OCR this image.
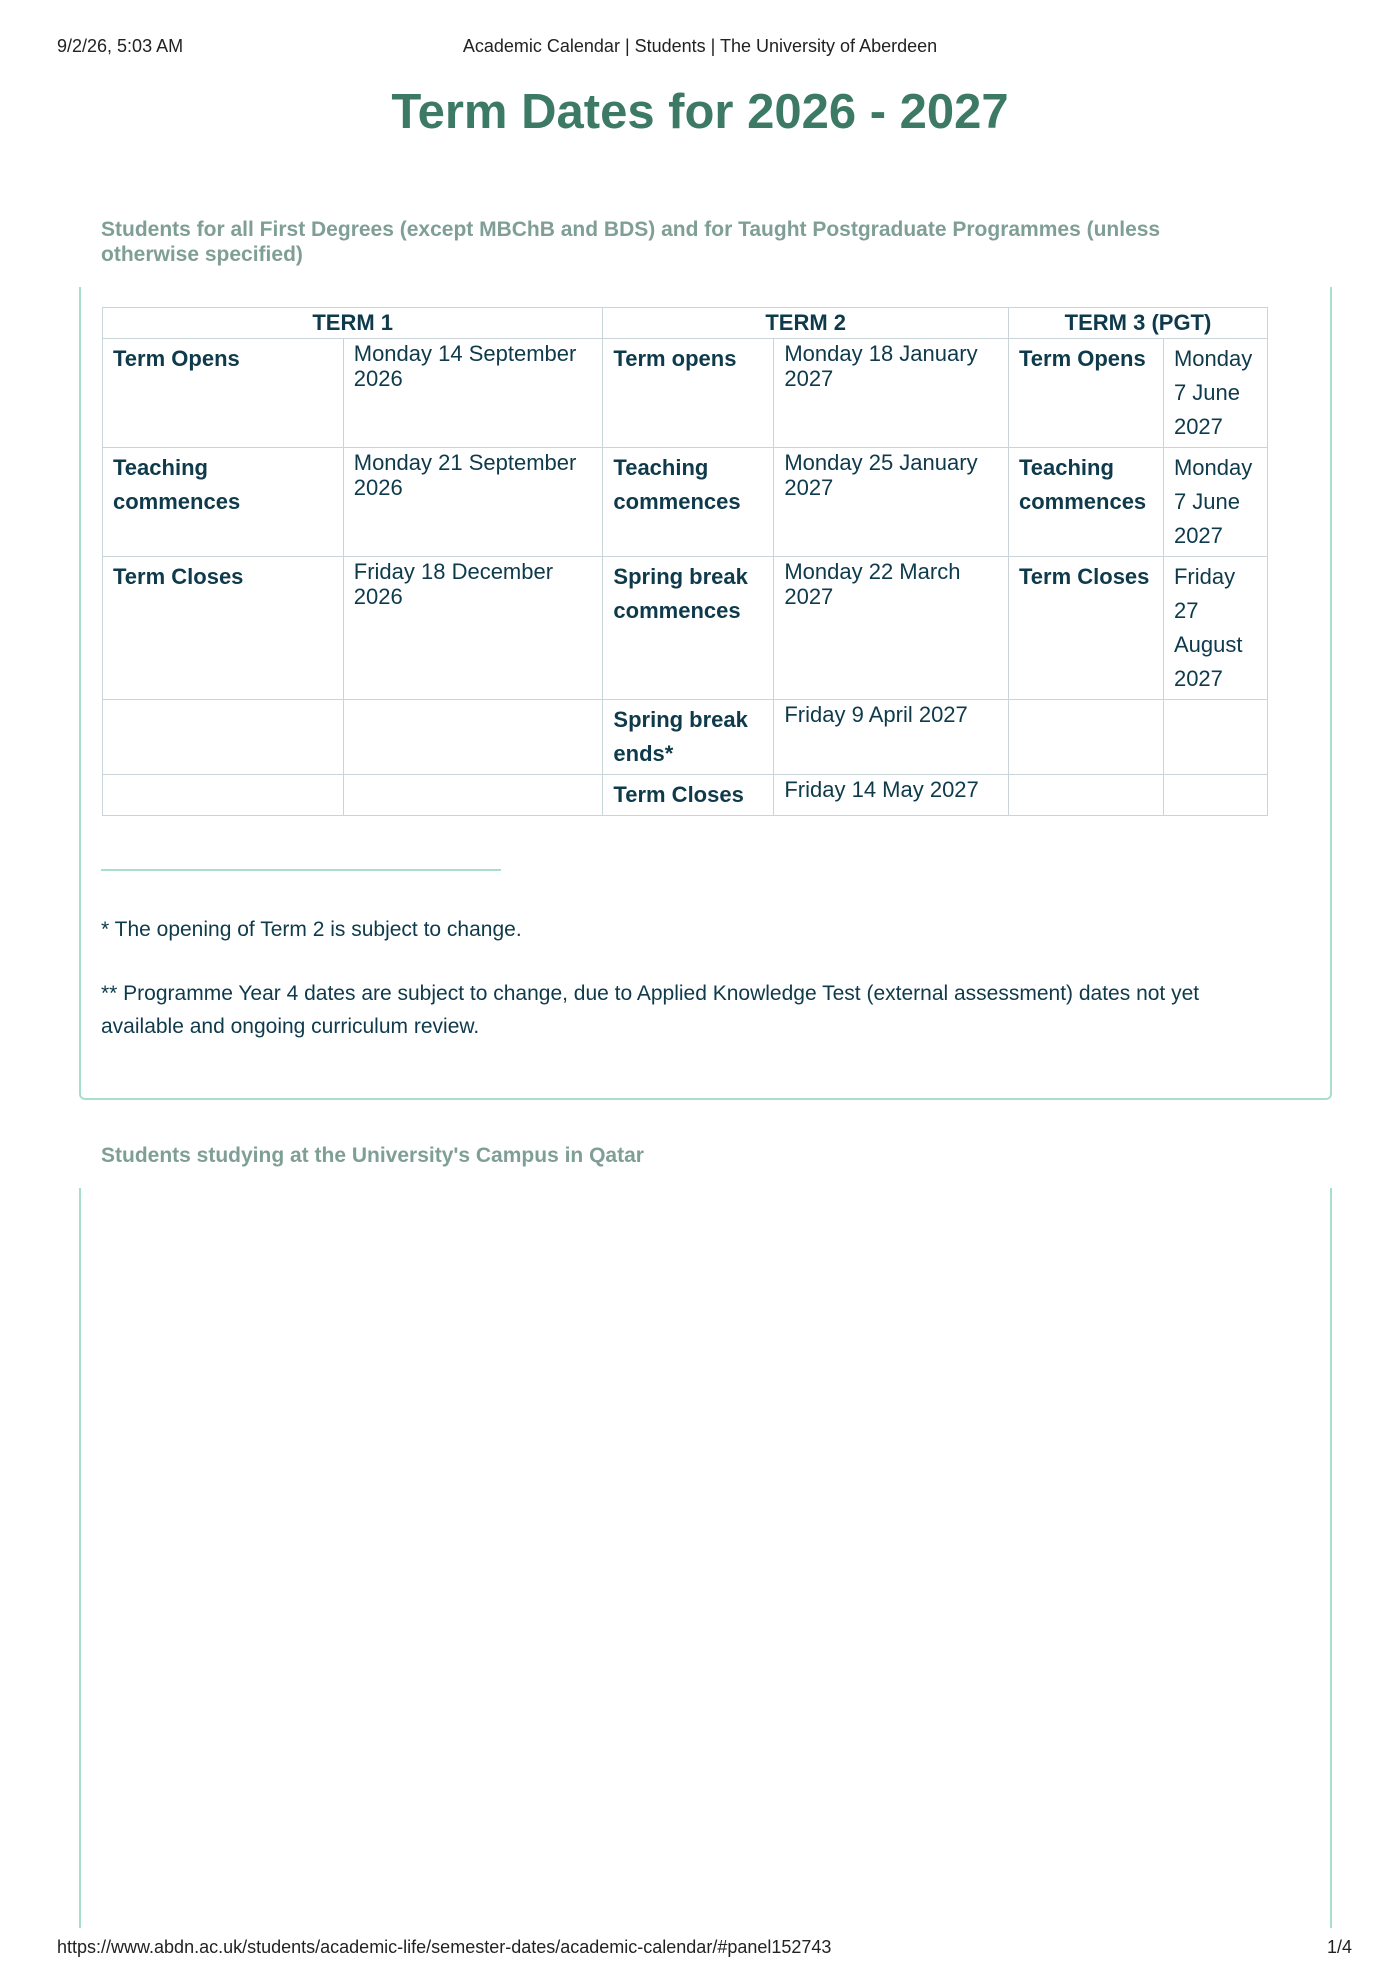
9/2/26, 5:03 AM	Academic Calendar | Students | The University of Aberdeen
Term Dates for 2026 - 2027
Students for all First Degrees (except MBChB and BDS) and for Taught Postgraduate Programmes (unless otherwise specified)
TERM 1		TERM 2		TERM 3 (PGT)	
Term Opens	Monday 14 September 2026	Term opens	Monday 18 January 2027	Term Opens	Monday 7 June 2027
Teaching commences	Monday 21 September 2026	Teaching commences	Monday 25 January 2027	Teaching commences	Monday 7 June 2027
Term Closes	Friday 18 December 2026	Spring break commences	Monday 22 March 2027	Term Closes	Friday 27 August 2027
		Spring break ends*	Friday 9 April 2027		
		Term Closes	Friday 14 May 2027		

* The opening of Term 2 is subject to change.

** Programme Year 4 dates are subject to change, due to Applied Knowledge Test (external assessment) dates not yet available and ongoing curriculum review.

Students studying at the University's Campus in Qatar
https://www.abdn.ac.uk/students/academic-life/semester-dates/academic-calendar/#panel152743	1/4
